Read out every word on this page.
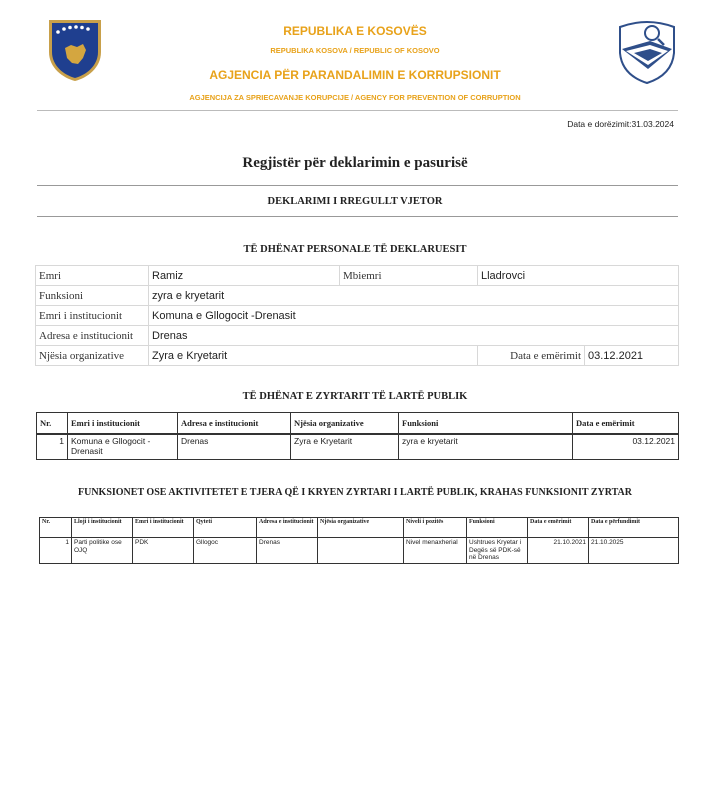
REPUBLIKA E KOSOVËS
REPUBLIKA KOSOVA / REPUBLIC OF KOSOVO
AGJENCIA PËR PARANDALIMIN E KORRUPSIONIT
AGJENCIJA ZA SPRIECAVANJE KORUPCIJE / AGENCY FOR PREVENTION OF CORRUPTION
Data e dorëzimit:31.03.2024
Regjistër për deklarimin e pasurisë
DEKLARIMI I RREGULLT VJETOR
TË DHËNAT PERSONALE TË DEKLARUESIT
Emri	Ramiz	Mbiemri	Lladrovci	
Funksioni	zyra e kryetarit			
Emri i institucionit	Komuna e Gllogocit -Drenasit			
Adresa e institucionit	Drenas			
Njësia organizative	Zyra e Kryetarit		Data e emërimit	03.12.2021
TË DHËNAT E ZYRTARIT TË LARTË PUBLIK
Nr.	Emri i institucionit	Adresa e institucionit	Njësia organizative	Funksioni	Data e emërimit
1	Komuna e Gllogocit - Drenasit	Drenas	Zyra e Kryetarit	zyra e kryetarit	03.12.2021
FUNKSIONET OSE AKTIVITETET E TJERA QË I KRYEN ZYRTARI I LARTË PUBLIK, KRAHAS FUNKSIONIT ZYRTAR
Nr.	Lloji i institucionit	Emri i institucionit	Qyteti	Adresa e institucionit	Njësia organizative	Niveli i pozitës	Funksioni	Data e emërimit	Data e përfundimit
1	Parti politike ose OJQ	PDK	Gllogoc	Drenas		Nivel menaxherial	Ushtrues Kryetar i Degës së PDK-së në Drenas	21.10.2021	21.10.2025
